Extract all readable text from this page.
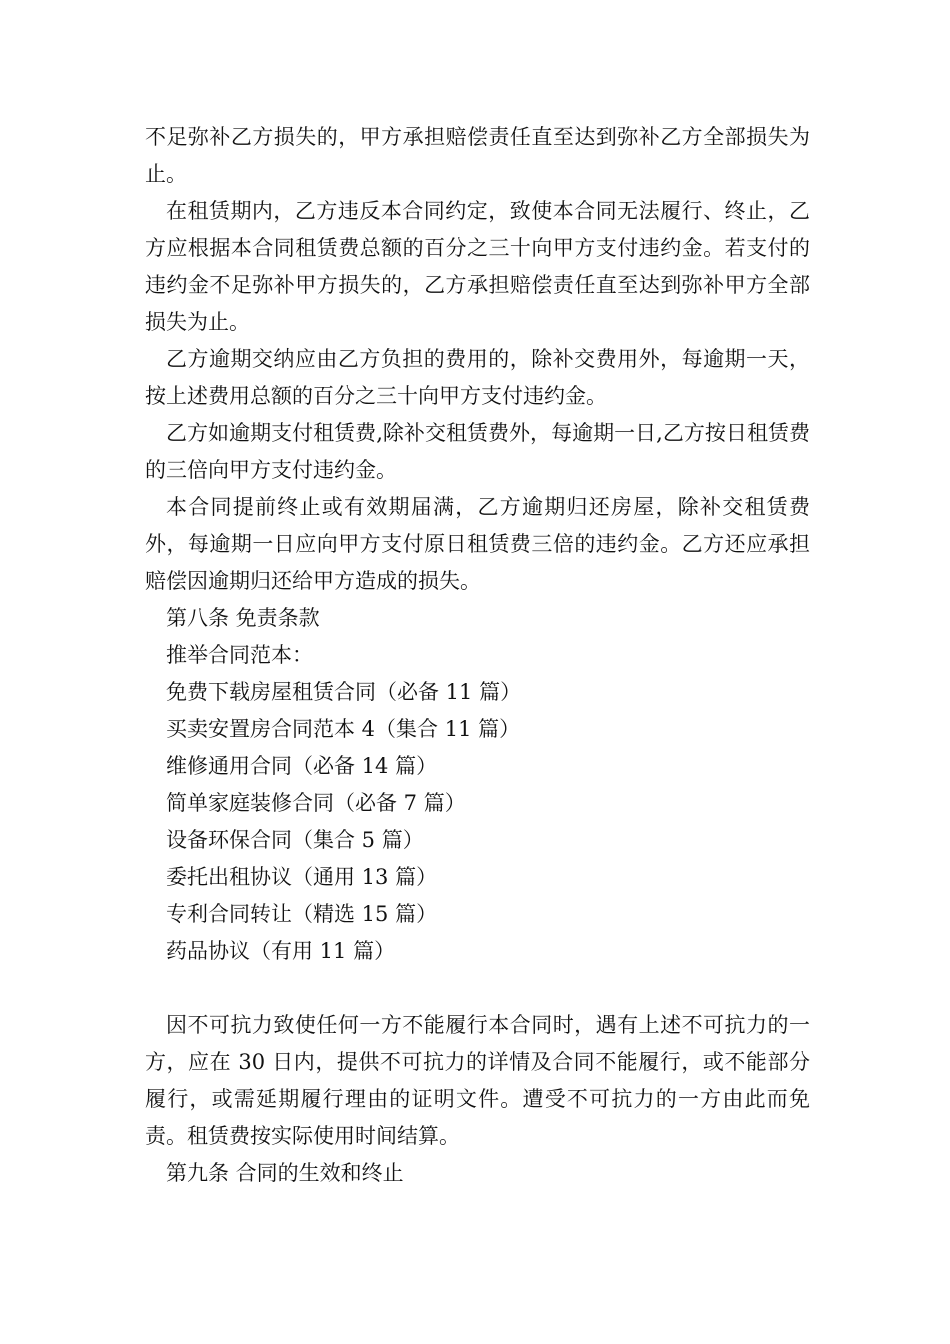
不足弥补乙方损失的，甲方承担赔偿责任直至达到弥补乙方全部损失为止。

在租赁期内，乙方违反本合同约定，致使本合同无法履行、终止，乙方应根据本合同租赁费总额的百分之三十向甲方支付违约金。若支付的违约金不足弥补甲方损失的，乙方承担赔偿责任直至达到弥补甲方全部损失为止。

乙方逾期交纳应由乙方负担的费用的，除补交费用外，每逾期一天，按上述费用总额的百分之三十向甲方支付违约金。

乙方如逾期支付租赁费,除补交租赁费外，每逾期一日,乙方按日租赁费的三倍向甲方支付违约金。

本合同提前终止或有效期届满，乙方逾期归还房屋，除补交租赁费外，每逾期一日应向甲方支付原日租赁费三倍的违约金。乙方还应承担赔偿因逾期归还给甲方造成的损失。

第八条 免责条款

推举合同范本：

免费下载房屋租赁合同（必备 11 篇）

买卖安置房合同范本 4（集合 11 篇）

维修通用合同（必备 14 篇）

简单家庭装修合同（必备 7 篇）

设备环保合同（集合 5 篇）

委托出租协议（通用 13 篇）

专利合同转让（精选 15 篇）

药品协议（有用 11 篇）

因不可抗力致使任何一方不能履行本合同时，遇有上述不可抗力的一方，应在 30 日内，提供不可抗力的详情及合同不能履行，或不能部分履行，或需延期履行理由的证明文件。遭受不可抗力的一方由此而免责。租赁费按实际使用时间结算。

第九条 合同的生效和终止
